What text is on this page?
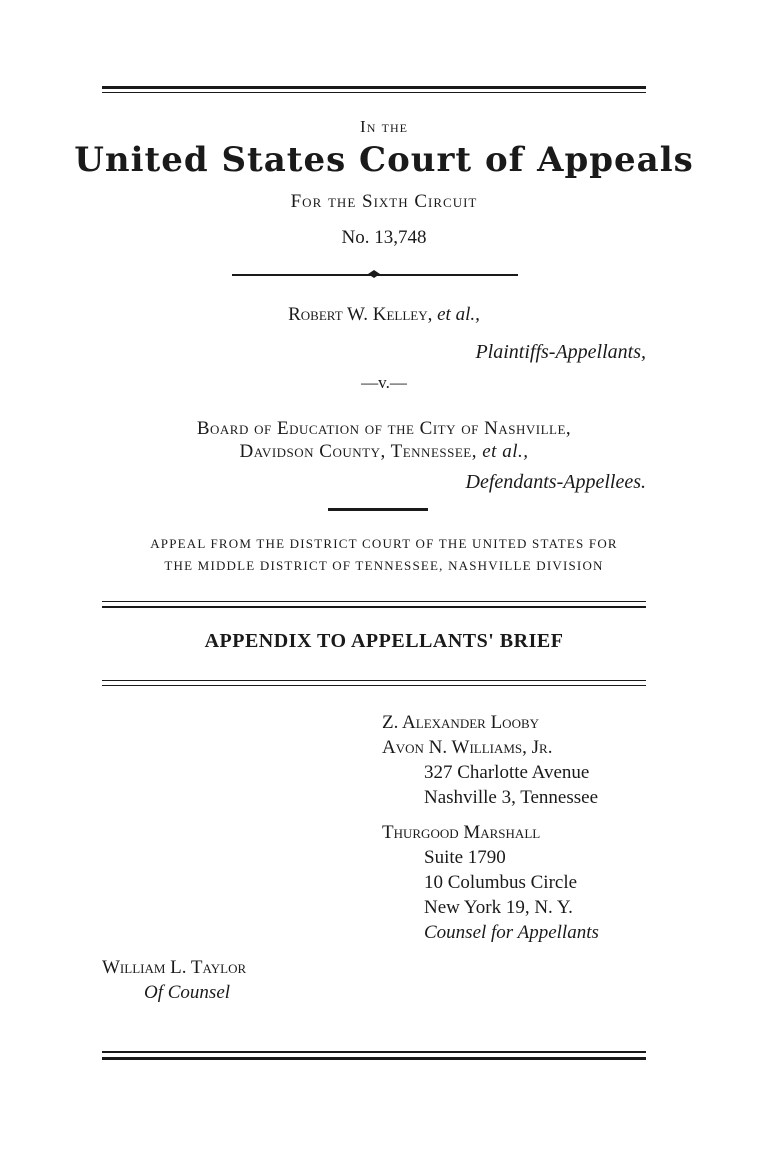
In the
United States Court of Appeals
For the Sixth Circuit
No. 13,748
Robert W. Kelley, et al.,
Plaintiffs-Appellants,
—v.—
Board of Education of the City of Nashville,
Davidson County, Tennessee, et al.,
Defendants-Appellees.
APPEAL FROM THE DISTRICT COURT OF THE UNITED STATES FOR
THE MIDDLE DISTRICT OF TENNESSEE, NASHVILLE DIVISION
APPENDIX TO APPELLANTS' BRIEF
Z. Alexander Looby
Avon N. Williams, Jr.
327 Charlotte Avenue
Nashville 3, Tennessee
Thurgood Marshall
Suite 1790
10 Columbus Circle
New York 19, N. Y.
Counsel for Appellants
William L. Taylor
Of Counsel
